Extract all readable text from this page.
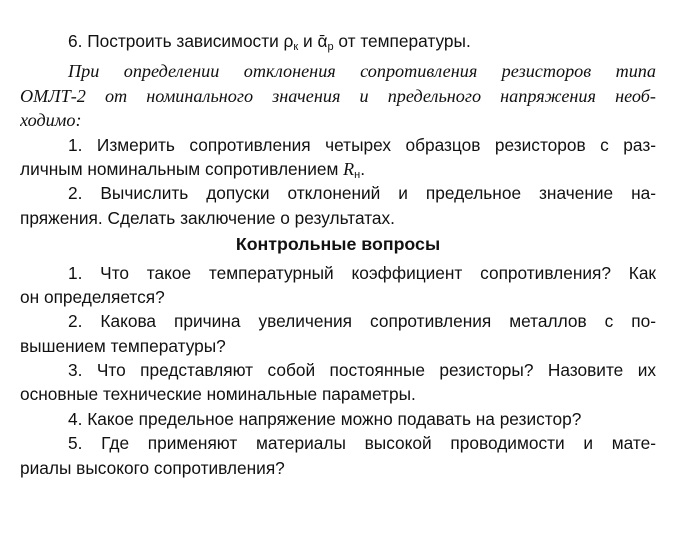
6. Построить зависимости $\rho_к$ и ᾱ$_р$ от температуры.
При определении отклонения сопротивления резисторов типа
ОМЛТ-2 от номинального значения и предельного напряжения необ-
ходимо:
1. Измерить сопротивления четырех образцов резисторов с раз-
личным номинальным сопротивлением $R_н$.
2. Вычислить допуски отклонений и предельное значение на-
пряжения. Сделать заключение о результатах.
Контрольные вопросы
1. Что такое температурный коэффициент сопротивления? Как
он определяется?
2. Какова причина увеличения сопротивления металлов с по-
вышением температуры?
3. Что представляют собой постоянные резисторы? Назовите их
основные технические номинальные параметры.
4. Какое предельное напряжение можно подавать на резистор?
5. Где применяют материалы высокой проводимости и мате-
риалы высокого сопротивления?
